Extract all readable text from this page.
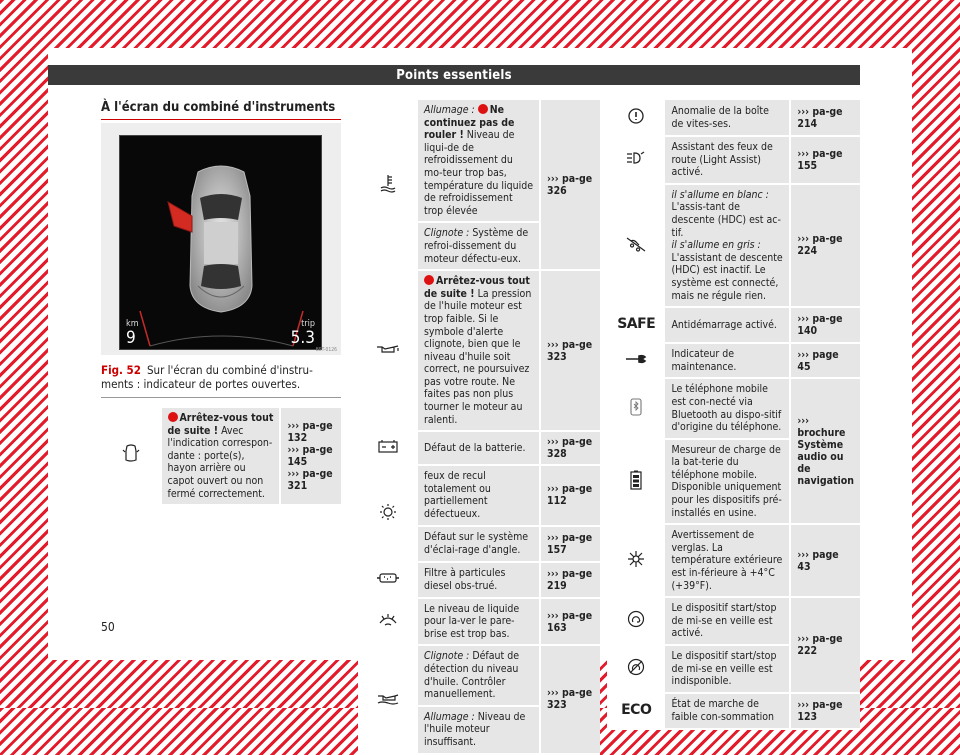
Points essentiels
À l'écran du combiné d'instruments
km
9
trip
5.3
B5T-0126
Fig. 52 Sur l'écran du combiné d'instru-ments : indicateur de portes ouvertes.
	Arrêtez-vous tout de suite ! Avec l'indication correspon-dante : porte(s), hayon arrière ou capot ouvert ou non fermé correctement.	
››› pa-ge 132
››› pa-ge 145
››› pa-ge 321
	Allumage : Ne continuez pas de rouler ! Niveau de liqui-de de refroidissement du mo-teur trop bas, température du liquide de refroidissement trop élevée	››› pa-ge 326
	Clignote : Système de refroi-dissement du moteur défectu-eux.	
	Arrêtez-vous tout de suite ! La pression de l'huile moteur est trop faible. Si le symbole d'alerte clignote, bien que le niveau d'huile soit correct, ne poursuivez pas votre route. Ne faites pas non plus tourner le moteur au ralenti.	››› pa-ge 323
	Défaut de la batterie.	››› pa-ge 328
	feux de recul totalement ou partiellement défectueux.	››› pa-ge 112
	Défaut sur le système d'éclai-rage d'angle.	››› pa-ge 157
	Filtre à particules diesel obs-trué.	››› pa-ge 219
	Le niveau de liquide pour la-ver le pare-brise est trop bas.	››› pa-ge 163
	Clignote : Défaut de détection du niveau d'huile. Contrôler manuellement.	››› pa-ge 323
	Allumage : Niveau de l'huile moteur insuffisant.	
	Anomalie de la boîte de vites-ses.	››› pa-ge 214
	Assistant des feux de route (Light Assist) activé.	››› pa-ge 155
	il s'allume en blanc : L'assis-tant de descente (HDC) est ac-tif.
il s'allume en gris : L'assistant de descente (HDC) est inactif. Le système est connecté, mais ne régule rien.	››› pa-ge 224
SAFE	Antidémarrage activé.	››› pa-ge 140
	Indicateur de maintenance.	››› page 45
	Le téléphone mobile est con-necté via Bluetooth au dispo-sitif d'origine du téléphone.	››› brochure Système audio ou de navigation
	Mesureur de charge de la bat-terie du téléphone mobile. Disponible uniquement pour les dispositifs pré-installés en usine.	
	Avertissement de verglas. La température extérieure est in-férieure à +4°C (+39°F).	››› page 43
	Le dispositif start/stop de mi-se en veille est activé.	››› pa-ge 222
	Le dispositif start/stop de mi-se en veille est indisponible.	
ECO	État de marche de faible con-sommation	››› pa-ge 123
50
